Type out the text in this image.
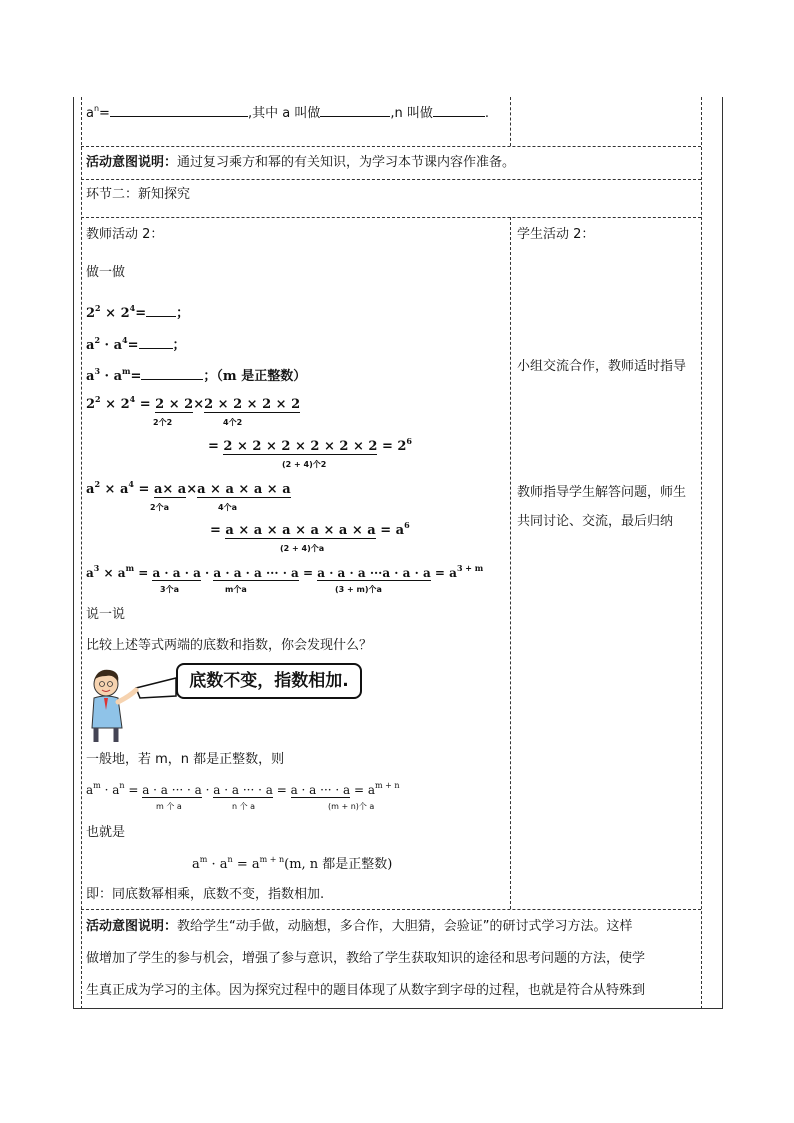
$a^n=$	,其中 a 叫做	,n 叫做	.
活动意图说明：通过复习乘方和幂的有关知识，为学习本节课内容作准备。
环节二：新知探究
教师活动 2：	学生活动 2：
做一做
$2^2 \times 2^4=$ ；
$a^2 \cdot a^4=$	；
$a^3 \cdot a^m=$	；（m 是正整数）
$2^2 \times 2^4 = 2 \times 2\times 2 \times 2 \times 2 \times 2$
2个2	4个2
= $2 \times 2 \times 2 \times 2 \times 2 \times 2 = 2^6$
(2 + 4)个2
$a^2 \times a^4 = a\times a\times a \times a \times a \times a$
2个a	4个a
= $a \times a \times a \times a \times a \times a = a^6$
(2 + 4)个a
$a^3 \times a^m = a \cdot a \cdot a \cdot a \cdot a \cdot a$ ··· · $a = a \cdot a \cdot a \cdot\cdot\cdot a \cdot a \cdot a = a^{3 + m}$
3个a	m个a	(3 + m)个a
说一说
比较上述等式两端的底数和指数，你会发现什么？
底数不变，指数相加.
一般地，若 m，n 都是正整数，则
$a^m \cdot a^n = a \cdot a$ ··· · a · a · a ··· · a = a · a ··· · $a = a^{m + n}$
m 个 a	n 个 a	(m + n)个 a
也就是
$a^m \cdot a^n = a^{m + n}(m$, n 都是正整数)
即：同底数幂相乘，底数不变，指数相加.
小组交流合作，教师适时指导
教师指导学生解答问题，师生
共同讨论、交流，最后归纳
活动意图说明：教给学生“动手做，动脑想，多合作，大胆猜，会验证”的研讨式学习方法。这样
做增加了学生的参与机会，增强了参与意识，教给了学生获取知识的途径和思考问题的方法，使学
生真正成为学习的主体。因为探究过程中的题目体现了从数字到字母的过程，也就是符合从特殊到
